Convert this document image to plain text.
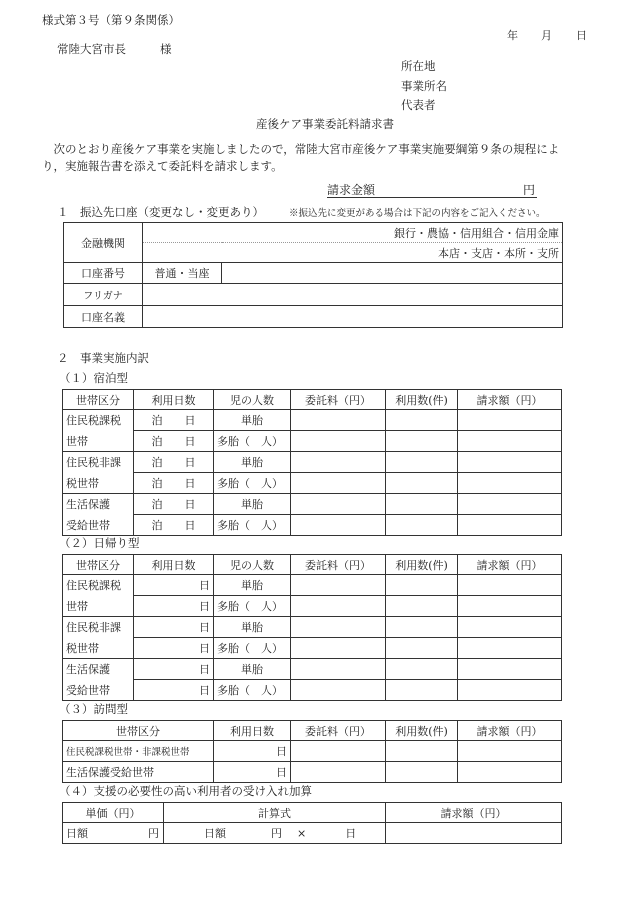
様式第３号（第９条関係）
年 月 日
常陸大宮市長	様
所在地
事業所名
代表者
産後ケア事業委託料請求書
次のとおり産後ケア事業を実施しましたので，常陸大宮市産後ケア事業実施要綱第９条の規程により，実施報告書を添えて委託料を請求します。
請求金額	円
１　振込先口座（変更なし・変更あり）	※振込先に変更がある場合は下記の内容をご記入ください。
金融機関	銀行・農協・信用組合・信用金庫	
	本店・支店・本所・支所	
口座番号	普通・当座	
フリガナ		
口座名義		
２　事業実施内訳
（１）宿泊型
世帯区分	利用日数	児の人数	委託料（円）	利用数(件)	請求額（円）
住民税課税	泊　　日	単胎			
世帯	泊　　日	多胎（　人）			
住民税非課	泊　　日	単胎			
税世帯	泊　　日	多胎（　人）			
生活保護	泊　　日	単胎			
受給世帯	泊　　日	多胎（　人）			
（２）日帰り型
世帯区分	利用日数	児の人数	委託料（円）	利用数(件)	請求額（円）
住民税課税	日	単胎			
世帯	日	多胎（　人）			
住民税非課	日	単胎			
税世帯	日	多胎（　人）			
生活保護	日	単胎			
受給世帯	日	多胎（　人）			
（３）訪問型
世帯区分	利用日数	委託料（円）	利用数(件)	請求額（円）
住民税課税世帯・非課税世帯	日			
生活保護受給世帯	日			
（４）支援の必要性の高い利用者の受け入れ加算
単価（円）	計算式	請求額（円）
日額 円	日額 円 × 日	
